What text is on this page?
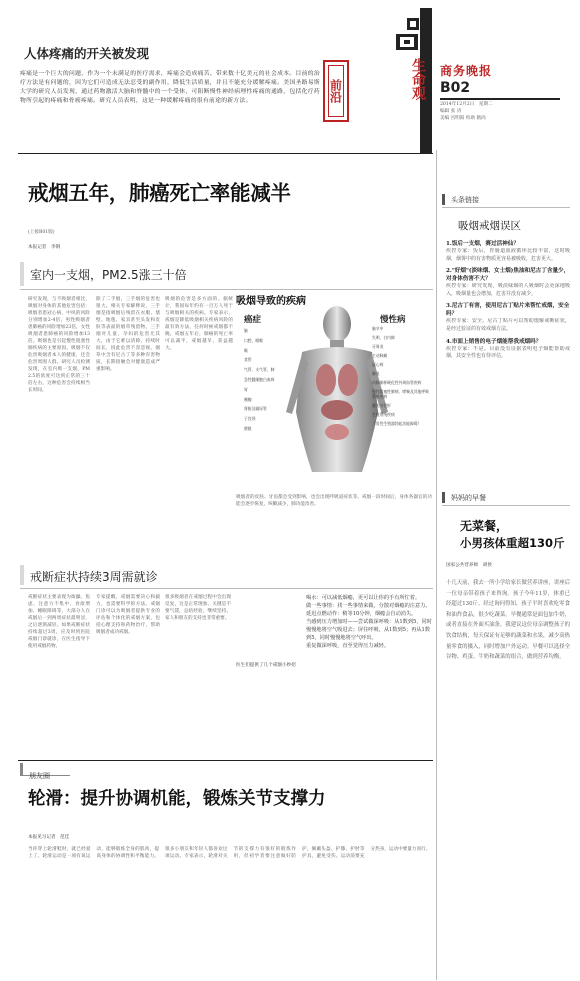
人体疼痛的开关被发现
疼痛是一个巨大的问题，作为一个未满足的医疗需求，疼痛会造成痛苦、带来数十亿美元的社会成本。目前的治疗方法是有问题的，因为它们可造成无法忍受的副作用，降低生活质量，并且不能充分缓解疼痛。美国圣路易斯大学的研究人员发现，通过药物激活大脑和脊髓中的一个受体，可阻断慢性神经病理性疼痛的通路，包括化疗药物所引起的疼痛和骨癌疼痛。研究人员表明，这是一种缓解疼痛的很有前途的新方法。	前沿	生命观 商务晚报
B02
2014年12月2日　星期二
编辑 张 涛
美编 宫明阳 校助 鹤尚
戒烟五年，肺癌死亡率能减半
(上接B01版)
本报记者　李钢
室内一支烟，PM2.5涨三十倍
研究发现，与不吸烟者相比，吸烟对身体的其他危害包括：吸烟者患冠心病、中风的风险分别增加2-4倍，男性吸烟者患肺癌的风险增加23倍，女性吸烟者患肺癌的风险增加13倍。吸烟也是引起慢性阻塞性肺疾病的主要原因。吸烟不仅危害吸烟者本人的健康，还会危害周围人群。研究人员检测发现，在室内吸一支烟，PM2.5的浓度可达到正常的三十倍左右，这种危害会持续相当长时间。
除了二手烟，三手烟的危害也很大。相关专家解释说，三手烟是指吸烟后残留在衣服、墙壁、地毯、家具甚至头发和皮肤等表面的烟草残留物。三手烟对儿童、孕妇的危害尤其大，由于它难以清除，持续时间长，因此危害不容忽视。烟草中含有尼古丁等多种有害物质，长期接触会对健康造成严重影响。
吸烟的危害是多方面的。据统计，我国每年约有一百万人死于与吸烟相关的疾病。专家表示，戒烟是降低吸烟相关疾病风险的最有效方法，任何时候戒烟都不晚。戒烟五年后，肺癌的死亡率可以减半，戒烟越早，获益越大。
吸烟导致的疾病
癌症	慢性病
脑
口腔、咽喉
喉
食管
气管、支气管、肺
急性髓细胞白血病
胃
胰腺
肾脏及输尿管
子宫颈
膀胱
脑卒中
失明、白内障
牙周炎
主动脉瘤
冠心病
肺炎
动脉粥样硬化性外周血管疾病
慢性阻塞性肺病、哮喘及其他呼吸系统疾病
髋关节骨折
生殖系统疾病
（男性生殖器勃起功能障碍）
吸烟者的皮肤、牙齿都会受到影响，也会出现呼吸道症状等。戒烟一段时间后，身体各器官的功能会逐步恢复，咳嗽减少，肺功能改善。
戒断症状持续3周需就诊
戒断症状主要表现为烦躁、焦虑、注意力不集中、食欲增加、睡眠障碍等，大部分人在戒烟后一到两周症状最明显，之后逐渐减轻。如果戒断症状持续超过3周，应及时到医院戒烟门诊就诊，在医生指导下使用戒烟药物。
专家提醒，戒烟需要决心和毅力，也需要科学的方法。戒烟门诊可以为吸烟者提供专业的评估和个体化的戒烟方案，包括心理支持和药物治疗，帮助吸烟者成功戒烟。
很多吸烟者在戒烟过程中会出现反复，这是正常现象。关键是不要气馁，总结经验，继续坚持。家人和朋友的支持也非常重要。
医生们提供了几个戒烟小妙招
喝水：可以减低烟瘾，更可以让你的手有所忙着。
做一些事情：找一些事情来做，分散对烟瘾的注意力。
延迟点燃动作：稍等10分钟，烟瘾会自动消失。
当感到压力增加时——尝试做深呼吸：从1数到5，同时慢慢地将空气吸进去；屏住呼吸，从1数到5；再从1数到5，同时慢慢地将空气呼出。
重复做深呼吸，直至觉得压力减轻。
朋友圈
轮滑：提升协调机能，锻炼关节支撑力
本报见习记者　范佳
当你穿上轮滑鞋时，就已经爱上了。轮滑运动是一项有氧运动，能够锻炼全身的肌肉，提高身体的协调性和平衡能力。很多小朋友和年轻人都喜欢这项运动。专家表示，轮滑对关节的支撑力有很好的锻炼作用，但初学者要注意做好防护，佩戴头盔、护膝、护肘等护具，避免受伤。运动前要充分热身，运动中要量力而行。
头条链接
吸烟戒烟误区
1.饭后一支烟，赛过活神仙？
疾控专家：饭后，胃肠道血液循环比较丰富，这时吸烟，烟雾中的有害物质更容易被吸收，危害更大。
2."好烟"(淡味烟、女士烟)焦油和尼古丁含量少，对身体伤害不大？
疾控专家：研究发现，吸淡味烟的人吸烟时会更深地吸入，吸烟量也会增加，危害并没有减少。
3.尼古丁有害，使用尼古丁贴片来帮忙戒烟，安全吗？
疾控专家：安全。尼古丁贴片可以帮助缓解戒断症状，是经过验证的有效戒烟方法。
4.市面上销售的电子烟能帮我戒烟吗？
疾控专家：不是。目前没有证据表明电子烟能帮助戒烟，其安全性也有待评估。
妈妈的早餐
无菜餐，
小男孩体重超130斤
国家公共营养师　胡侯
十几天前，我去一所小学给家长做营养讲座，讲座后一位母亲带着孩子来咨询。孩子今年11岁，体重已经超过130斤。经过询问得知，孩子平时喜欢吃零食和油炸食品，很少吃蔬菜。早餐通常是面包加牛奶，或者直接在外面买油条。我建议这位母亲调整孩子的饮食结构，每天保证有足够的蔬菜和水果，减少高热量零食的摄入，同时增加户外运动。早餐可以选择全谷物、鸡蛋、牛奶和蔬菜的组合，做到营养均衡。
